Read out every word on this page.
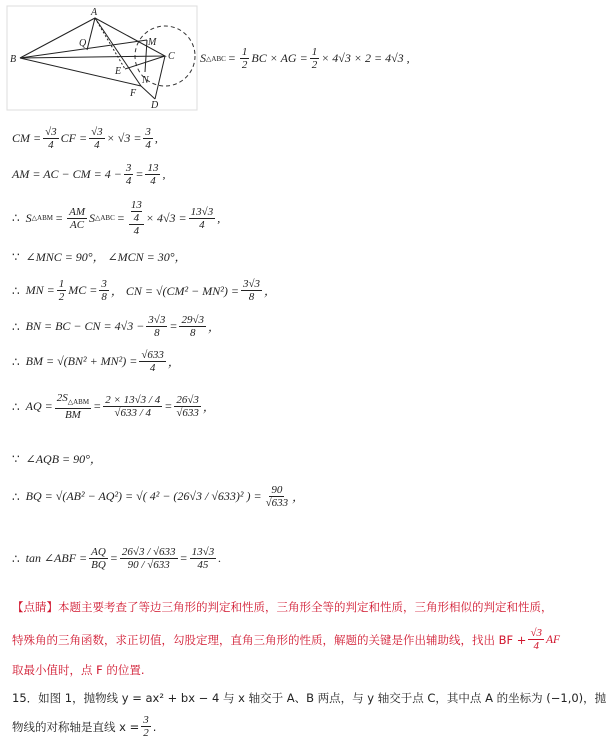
A
B	C
D
E
F
M
N
Q
S △ABC = $\frac{1}{2}$ BC × AG = $\frac{1}{2} \times 4√3 \times 2 = 4√3$ ,
CM = $\frac{√3}{4}$ CF = $\frac{√3}{4} \times √3 = \frac{3}{4}$ ,
AM = AC − CM = $4 - \frac{3}{4} = \frac{13}{4}$ ,
∴ S △ABM = $\frac{AM}{AC}$ S △ABC = 13
4
$4 \times 4√3 = \frac{13√3}{4}$ ,
∵ ∠MNC = 90°， ∠MCN = 30°，
∴ MN = $\frac{1}{2}$ MC = $\frac{3}{8}$ ， CN = $√(CM^2 - MN^2) = \frac{3√3}{8}$ ，
∴ BN = BC − CN = $4√3 - \frac{3√3}{8} = \frac{29√3}{8}$ ，
∴ BM = $√(BN^2 + MN^2) = \frac{√633}{4}$ ，
∴ AQ = $\frac{2S_{\triangle ABM}}{BM} = \frac{2 \times 13√3 / 4}{√633 / 4} = \frac{26√3}{√633}$ ，
∵ ∠AQB = 90°，
∴ BQ = √(AB² − AQ²) = √( 4² − (26√3 / √633)² ) = $\frac{90}{√633}$ ，
∴ tan ∠ABF = $\frac{AQ}{BQ} = \frac{26√3 / √633}{90 / √633} = \frac{13√3}{45}$ .
【点睛】本题主要考查了等边三角形的判定和性质，三角形全等的判定和性质，三角形相似的判定和性质，
特殊角的三角函数，求正切值，勾股定理，直角三角形的性质，解题的关键是作出辅助线，找出 BF + $\frac{√3}{4}$ AF
取最小值时，点 F 的位置.
15．如图 1，抛物线 y = ax² + bx − 4 与 x 轴交于 A、B 两点，与 y 轴交于点 C，其中点 A 的坐标为 (−1,0)，抛
物线的对称轴是直线 $x = \frac{3}{2}$ .
